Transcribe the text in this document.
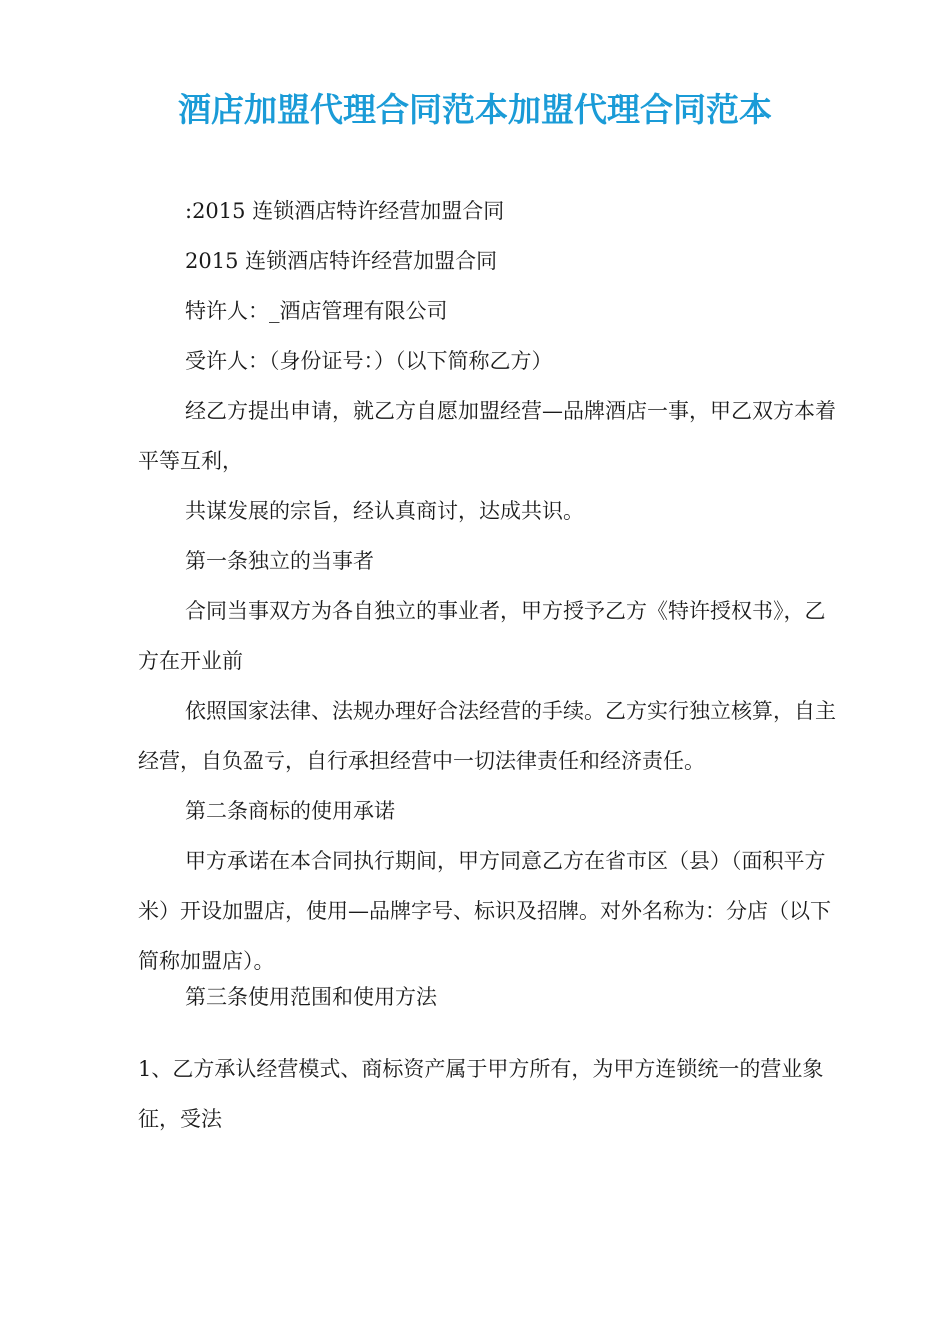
酒店加盟代理合同范本加盟代理合同范本

:2015 连锁酒店特许经营加盟合同

2015 连锁酒店特许经营加盟合同

特许人：_酒店管理有限公司

受许人：（身份证号：）（以下简称乙方）

经乙方提出申请，就乙方自愿加盟经营—品牌酒店一事，甲乙双方本着平等互利，

共谋发展的宗旨，经认真商讨，达成共识。

第一条独立的当事者

合同当事双方为各自独立的事业者，甲方授予乙方《特许授权书》，乙方在开业前

依照国家法律、法规办理好合法经营的手续。乙方实行独立核算，自主经营，自负盈亏，自行承担经营中一切法律责任和经济责任。

第二条商标的使用承诺

甲方承诺在本合同执行期间，甲方同意乙方在省市区（县）（面积平方米）开设加盟店，使用—品牌字号、标识及招牌。对外名称为：分店（以下简称加盟店）。

第三条使用范围和使用方法

1、乙方承认经营模式、商标资产属于甲方所有，为甲方连锁统一的营业象征，受法
